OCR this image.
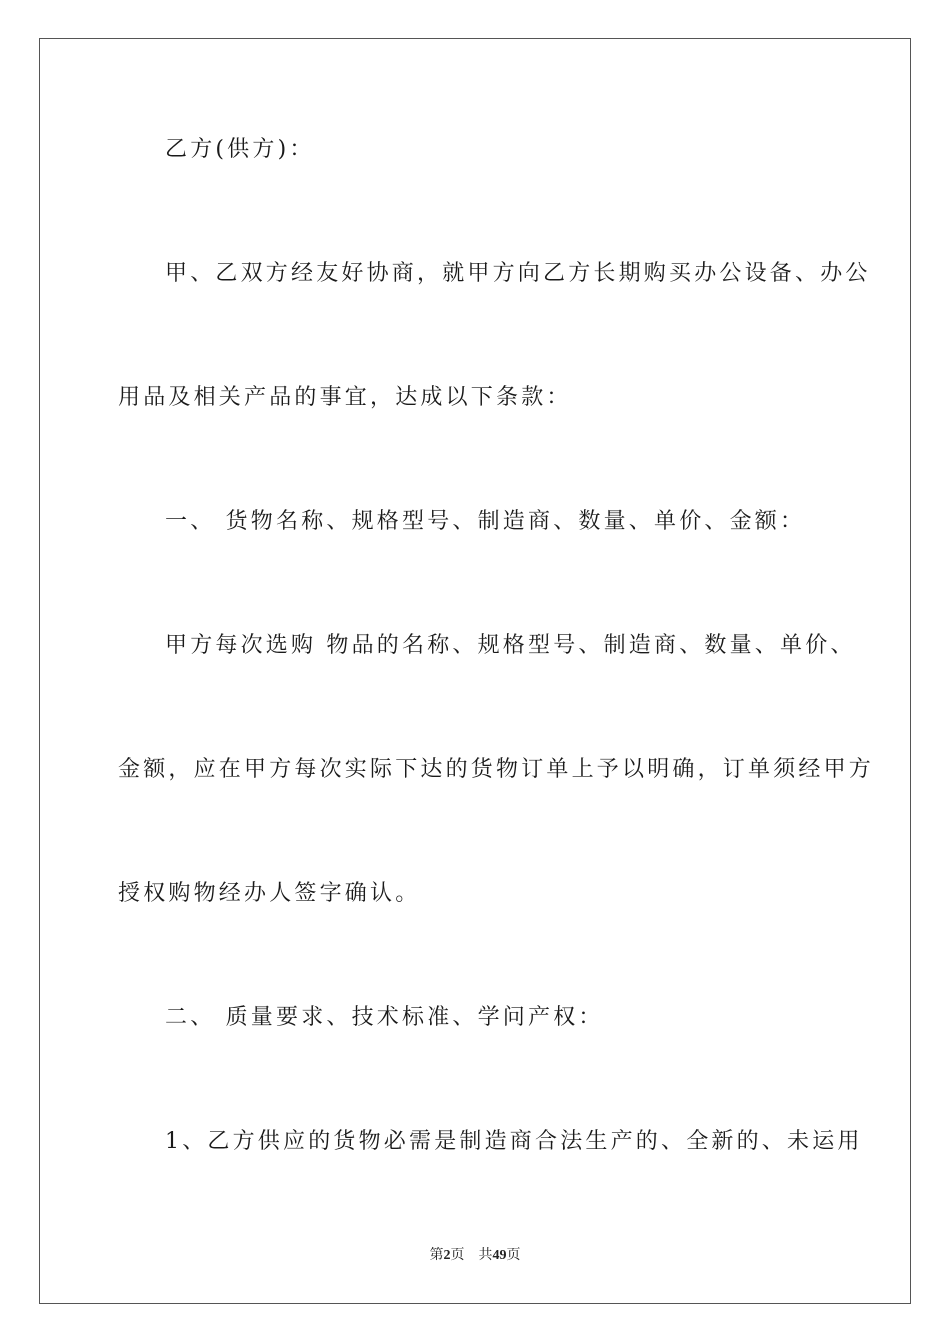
乙方(供方)：
甲、乙双方经友好协商，就甲方向乙方长期购买办公设备、办公
用品及相关产品的事宜，达成以下条款：
一、 货物名称、规格型号、制造商、数量、单价、金额：
甲方每次选购 物品的名称、规格型号、制造商、数量、单价、
金额，应在甲方每次实际下达的货物订单上予以明确，订单须经甲方
授权购物经办人签字确认。
二、 质量要求、技术标准、学问产权：
1、乙方供应的货物必需是制造商合法生产的、全新的、未运用
第2页 共49页
